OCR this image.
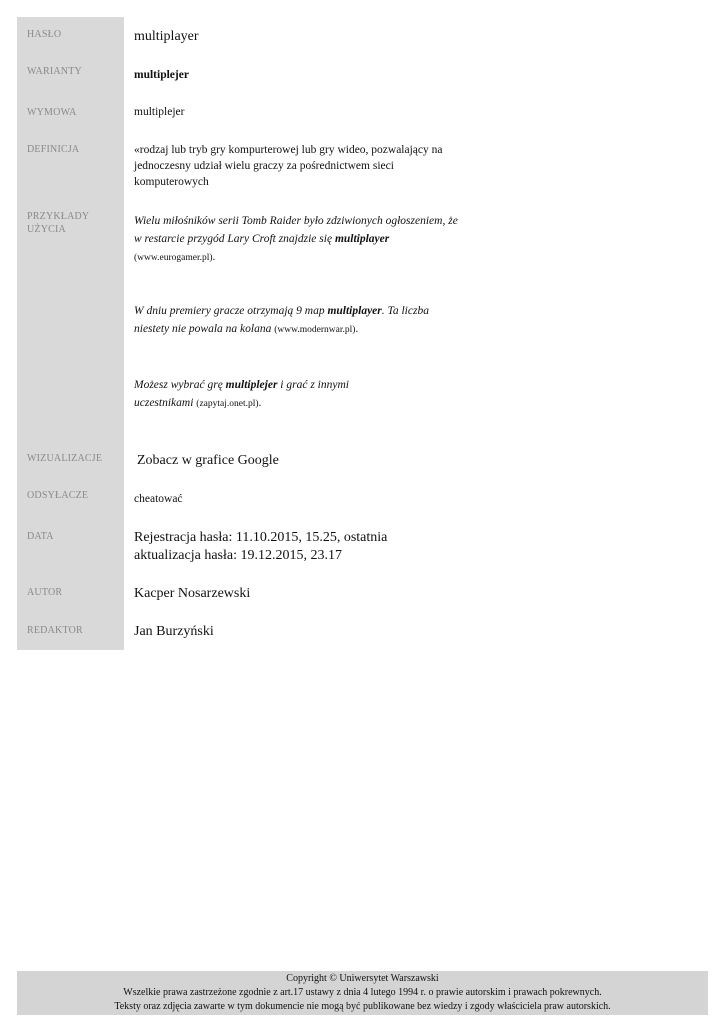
HASŁO	multiplayer
WARIANTY	multiplejer
WYMOWA	multiplejer
DEFINICJA	«rodzaj lub tryb gry kompurterowej lub gry wideo, pozwalający na jednoczesny udział wielu graczy za pośrednictwem sieci komputerowych
PRZYKŁADY
UŻYCIA
Wielu miłośników serii Tomb Raider było zdziwionych ogłoszeniem, że w restarcie przygód Lary Croft znajdzie się multiplayer (www.eurogamer.pl).
W dniu premiery gracze otrzymają 9 map multiplayer. Ta liczba niestety nie powala na kolana (www.modernwar.pl).
Możesz wybrać grę multiplejer i grać z innymi uczestnikami (zapytaj.onet.pl).
WIZUALIZACJE Zobacz w grafice Google
ODSYŁACZE	cheatować
DATA	Rejestracja hasła: 11.10.2015, 15.25, ostatnia aktualizacja hasła: 19.12.2015, 23.17
AUTOR	Kacper Nosarzewski
REDAKTOR	Jan Burzyński
Copyright © Uniwersytet Warszawski
Wszelkie prawa zastrzeżone zgodnie z art.17 ustawy z dnia 4 lutego 1994 r. o prawie autorskim i prawach pokrewnych.
Teksty oraz zdjęcia zawarte w tym dokumencie nie mogą być publikowane bez wiedzy i zgody właściciela praw autorskich.
